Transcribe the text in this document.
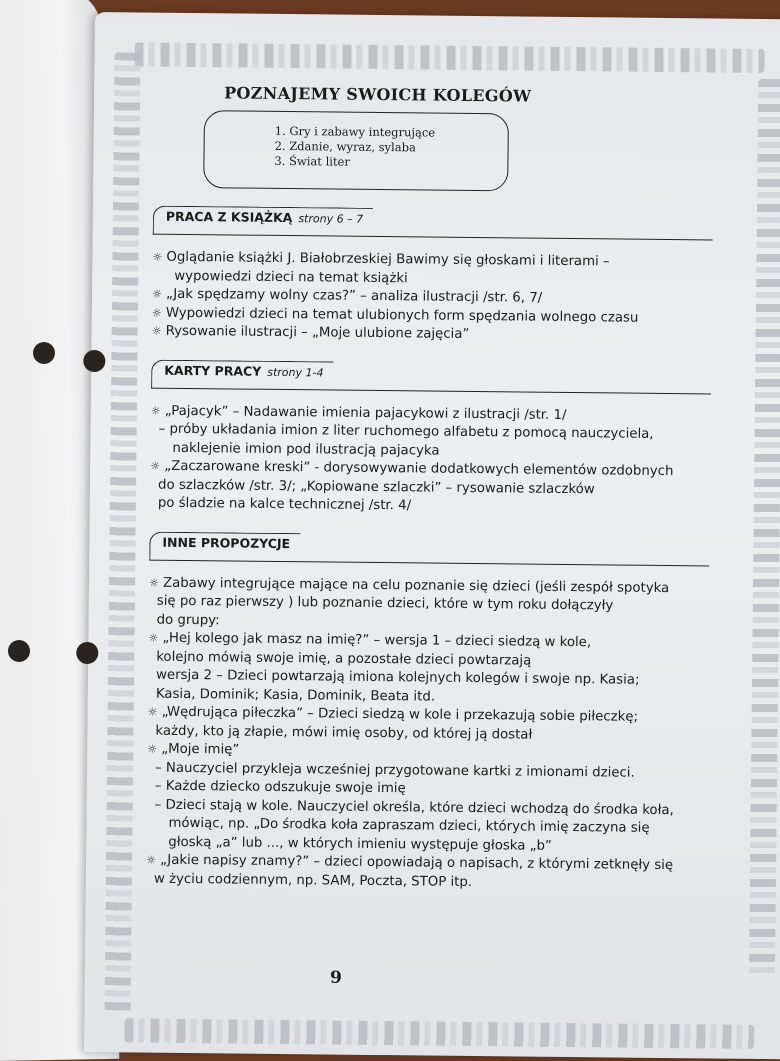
POZNAJEMY SWOICH KOLEGÓW
1. Gry i zabawy integrujące
2. Zdanie, wyraz, sylaba
3. Świat liter
PRACA Z KSIĄŻKĄ strony 6 – 7
☼ Oglądanie książki J. Białobrzeskiej Bawimy się głoskami i literami –
wypowiedzi dzieci na temat książki
☼ „Jak spędzamy wolny czas?” – analiza ilustracji /str. 6, 7/
☼ Wypowiedzi dzieci na temat ulubionych form spędzania wolnego czasu
☼ Rysowanie ilustracji – „Moje ulubione zajęcia”
KARTY PRACY strony 1-4
☼ „Pajacyk” – Nadawanie imienia pajacykowi z ilustracji /str. 1/
– próby układania imion z liter ruchomego alfabetu z pomocą nauczyciela,
naklejenie imion pod ilustracją pajacyka
☼ „Zaczarowane kreski” - dorysowywanie dodatkowych elementów ozdobnych
do szlaczków /str. 3/; „Kopiowane szlaczki” – rysowanie szlaczków
po śladzie na kalce technicznej /str. 4/
INNE PROPOZYCJE
☼ Zabawy integrujące mające na celu poznanie się dzieci (jeśli zespół spotyka
się po raz pierwszy ) lub poznanie dzieci, które w tym roku dołączyły
do grupy:
☼ „Hej kolego jak masz na imię?” – wersja 1 – dzieci siedzą w kole,
kolejno mówią swoje imię, a pozostałe dzieci powtarzają
wersja 2 – Dzieci powtarzają imiona kolejnych kolegów i swoje np. Kasia;
Kasia, Dominik; Kasia, Dominik, Beata itd.
☼ „Wędrująca piłeczka” – Dzieci siedzą w kole i przekazują sobie piłeczkę;
każdy, kto ją złapie, mówi imię osoby, od której ją dostał
☼ „Moje imię”
– Nauczyciel przykleja wcześniej przygotowane kartki z imionami dzieci.
– Każde dziecko odszukuje swoje imię
– Dzieci stają w kole. Nauczyciel określa, które dzieci wchodzą do środka koła,
mówiąc, np. „Do środka koła zapraszam dzieci, których imię zaczyna się
głoską „a” lub ..., w których imieniu występuje głoska „b”
☼ „Jakie napisy znamy?” – dzieci opowiadają o napisach, z którymi zetknęły się
w życiu codziennym, np. SAM, Poczta, STOP itp.
9
